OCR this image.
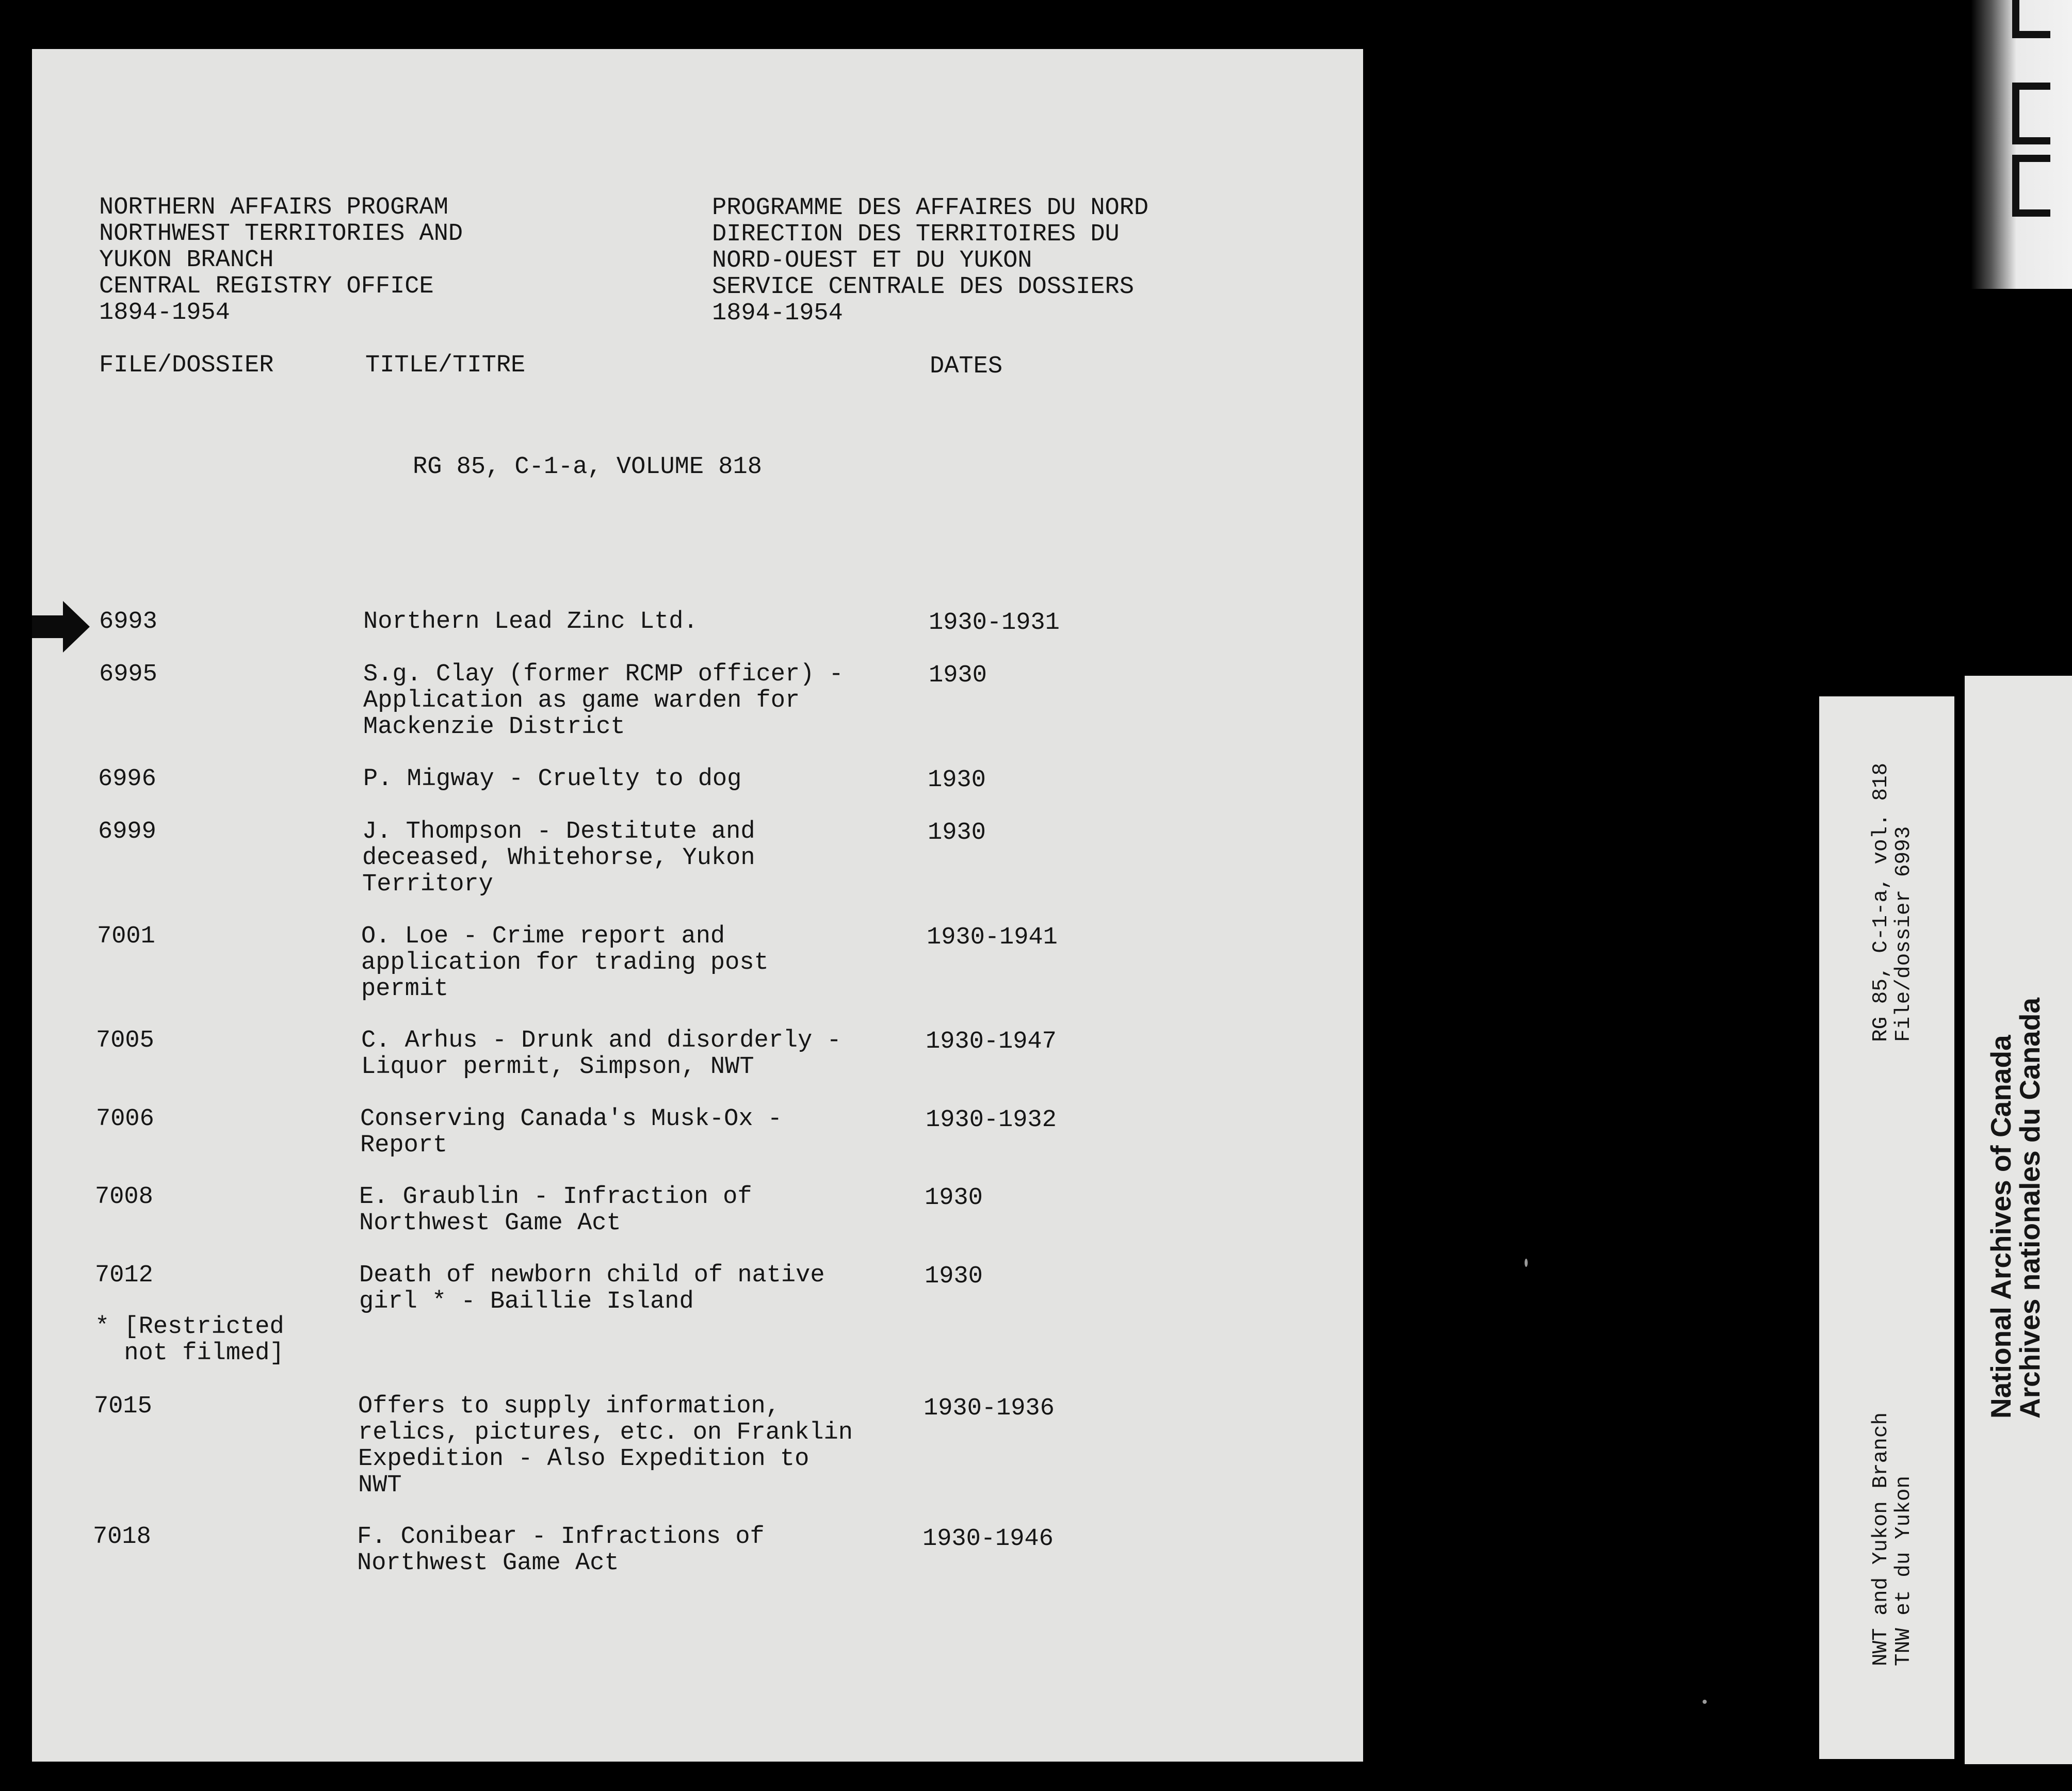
NORTHERN AFFAIRS PROGRAM
NORTHWEST TERRITORIES AND
YUKON BRANCH
CENTRAL REGISTRY OFFICE
1894-1954
PROGRAMME DES AFFAIRES DU NORD
DIRECTION DES TERRITOIRES DU
NORD-OUEST ET DU YUKON
SERVICE CENTRALE DES DOSSIERS
1894-1954
FILE/DOSSIER	TITLE/TITRE	DATES
RG 85, C-1-a, VOLUME 818
6993	Northern Lead Zinc Ltd.	1930-1931
6995	S.g. Clay (former RCMP officer) -
Application as game warden for
Mackenzie District
1930
6996	P. Migway - Cruelty to dog	1930
6999	J. Thompson - Destitute and
deceased, Whitehorse, Yukon
Territory
1930
7001	O. Loe - Crime report and
application for trading post
permit
1930-1941
7005	C. Arhus - Drunk and disorderly -
Liquor permit, Simpson, NWT
1930-1947
7006	Conserving Canada's Musk-Ox -
Report
1930-1932
7008	E. Graublin - Infraction of
Northwest Game Act
1930
7012	Death of newborn child of native
girl * - Baillie Island
1930
* [Restricted
not filmed]
7015	Offers to supply information,
relics, pictures, etc. on Franklin
Expedition - Also Expedition to
NWT
1930-1936
7018	F. Conibear - Infractions of
Northwest Game Act
1930-1946
RG 85, C-1-a, vol. 818
File/dossier 6993
NWT and Yukon Branch
TNW et du Yukon
National Archives of Canada
Archives nationales du Canada
